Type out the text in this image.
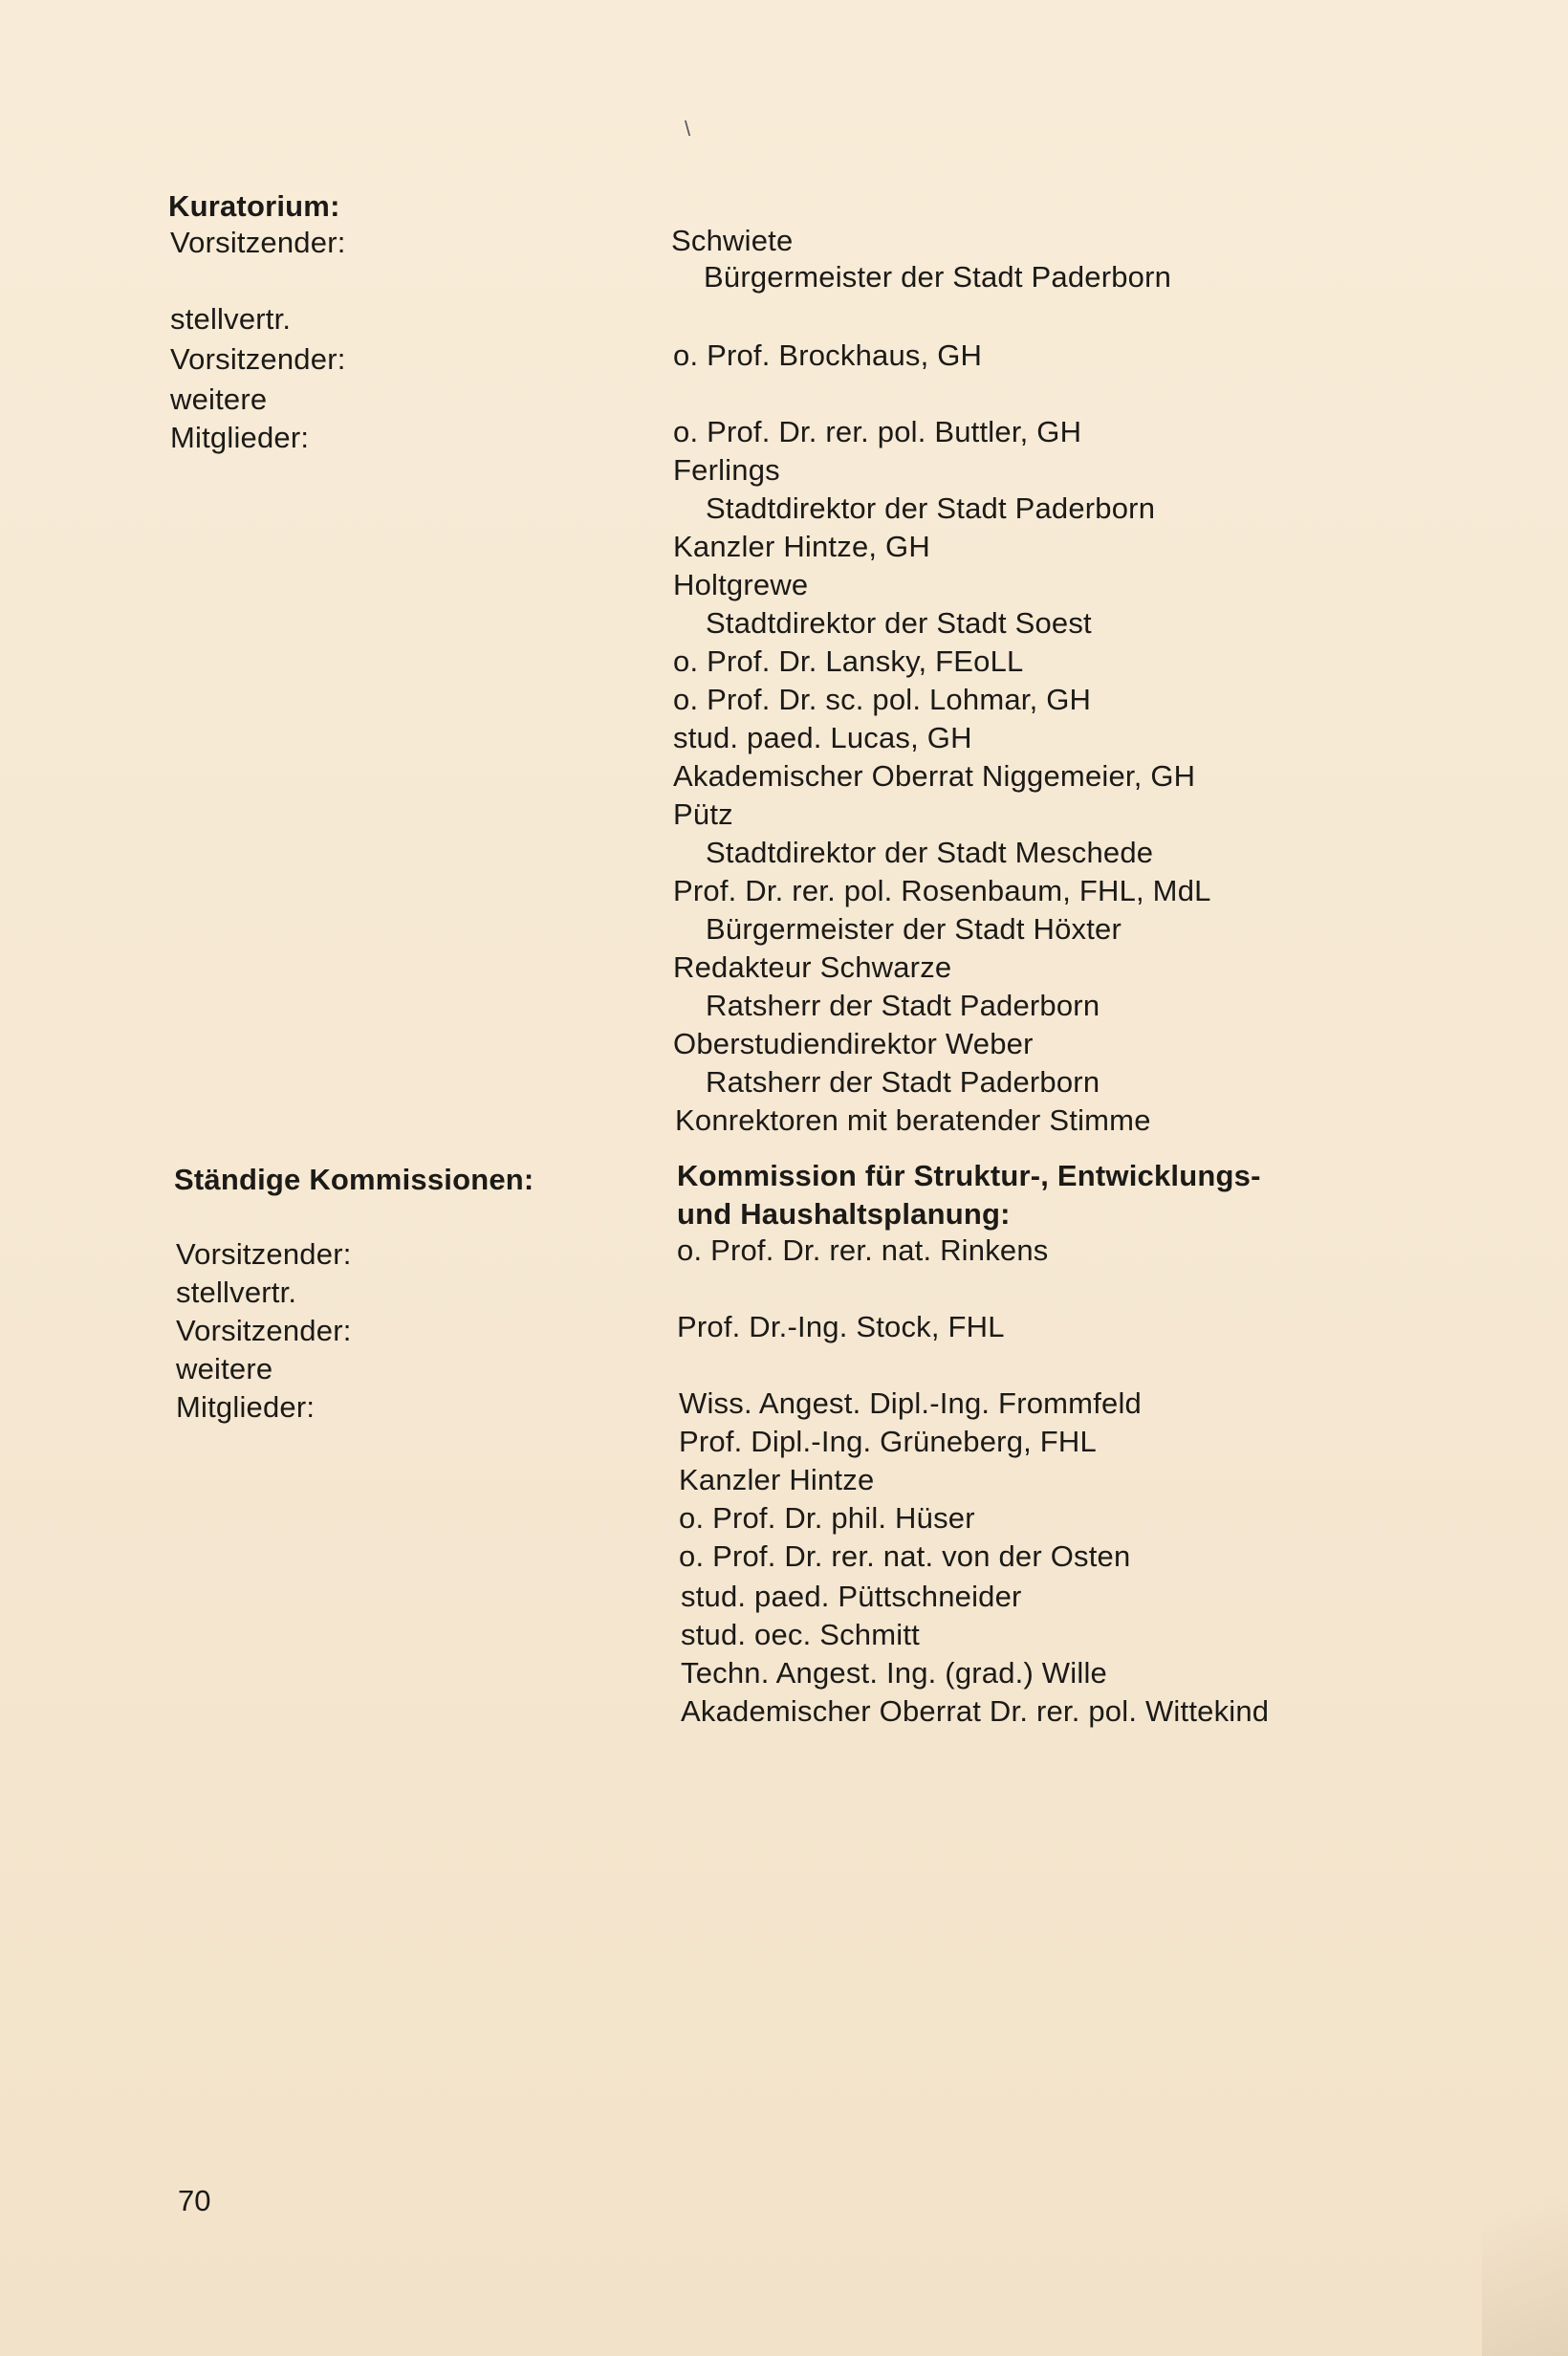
\
Kuratorium:
Vorsitzender:
stellvertr.
Vorsitzender:
weitere
Mitglieder:
Schwiete
Bürgermeister der Stadt Paderborn
o. Prof. Brockhaus, GH
o. Prof. Dr. rer. pol. Buttler, GH
Ferlings
Stadtdirektor der Stadt Paderborn
Kanzler Hintze, GH
Holtgrewe
Stadtdirektor der Stadt Soest
o. Prof. Dr. Lansky, FEoLL
o. Prof. Dr. sc. pol. Lohmar, GH
stud. paed. Lucas, GH
Akademischer Oberrat Niggemeier, GH
Pütz
Stadtdirektor der Stadt Meschede
Prof. Dr. rer. pol. Rosenbaum, FHL, MdL
Bürgermeister der Stadt Höxter
Redakteur Schwarze
Ratsherr der Stadt Paderborn
Oberstudiendirektor Weber
Ratsherr der Stadt Paderborn
Konrektoren mit beratender Stimme
Ständige Kommissionen:	Kommission für Struktur-, Entwicklungs-
und Haushaltsplanung:
Vorsitzender:
stellvertr.
Vorsitzender:
weitere
Mitglieder:
o. Prof. Dr. rer. nat. Rinkens
Prof. Dr.-Ing. Stock, FHL
Wiss. Angest. Dipl.-Ing. Frommfeld
Prof. Dipl.-Ing. Grüneberg, FHL
Kanzler Hintze
o. Prof. Dr. phil. Hüser
o. Prof. Dr. rer. nat. von der Osten
stud. paed. Püttschneider
stud. oec. Schmitt
Techn. Angest. Ing. (grad.) Wille
Akademischer Oberrat Dr. rer. pol. Wittekind
70
